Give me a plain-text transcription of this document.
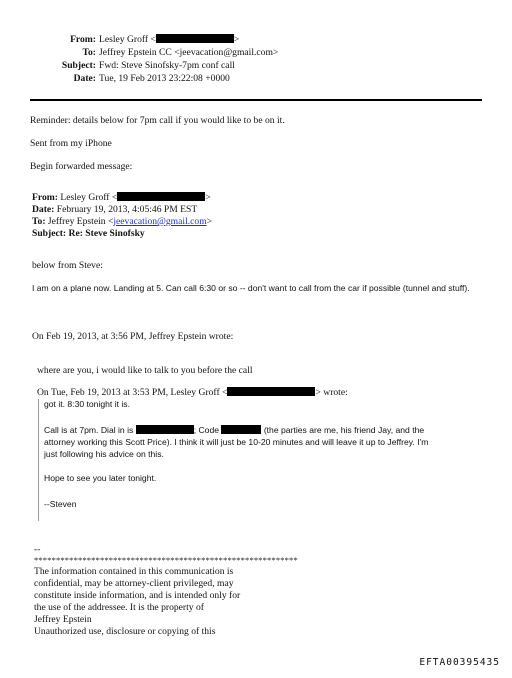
From: Lesley Groff <	>
To: Jeffrey Epstein CC <jeevacation@gmail.com>
Subject: Fwd: Steve Sinofsky-7pm conf call
Date: Tue, 19 Feb 2013 23:22:08 +0000
Reminder: details below for 7pm call if you would like to be on it.
Sent from my iPhone
Begin forwarded message:
From: Lesley Groff <	>
Date: February 19, 2013, 4:05:46 PM EST
To: Jeffrey Epstein <jeevacation@gmail.com>
Subject: Re: Steve Sinofsky
below from Steve:
I am on a plane now. Landing at 5. Can call 6:30 or so -- don't want to call from the car if possible (tunnel and stuff).
On Feb 19, 2013, at 3:56 PM, Jeffrey Epstein wrote:
where are you, i would like to talk to you before the call
On Tue, Feb 19, 2013 at 3:53 PM, Lesley Groff <	> wrote:
got it. 8:30 tonight it is.
Call is at 7pm. Dial in is	; Code	(the parties are me, his friend Jay, and the
attorney working this Scott Price). I think it will just be 10-20 minutes and will leave it up to Jeffrey. I'm
just following his advice on this.
Hope to see you later tonight.
--Steven
--
************************************************************
The information contained in this communication is
confidential, may be attorney-client privileged, may
constitute inside information, and is intended only for
the use of the addressee. It is the property of
Jeffrey Epstein
Unauthorized use, disclosure or copying of this
EFTA00395435
